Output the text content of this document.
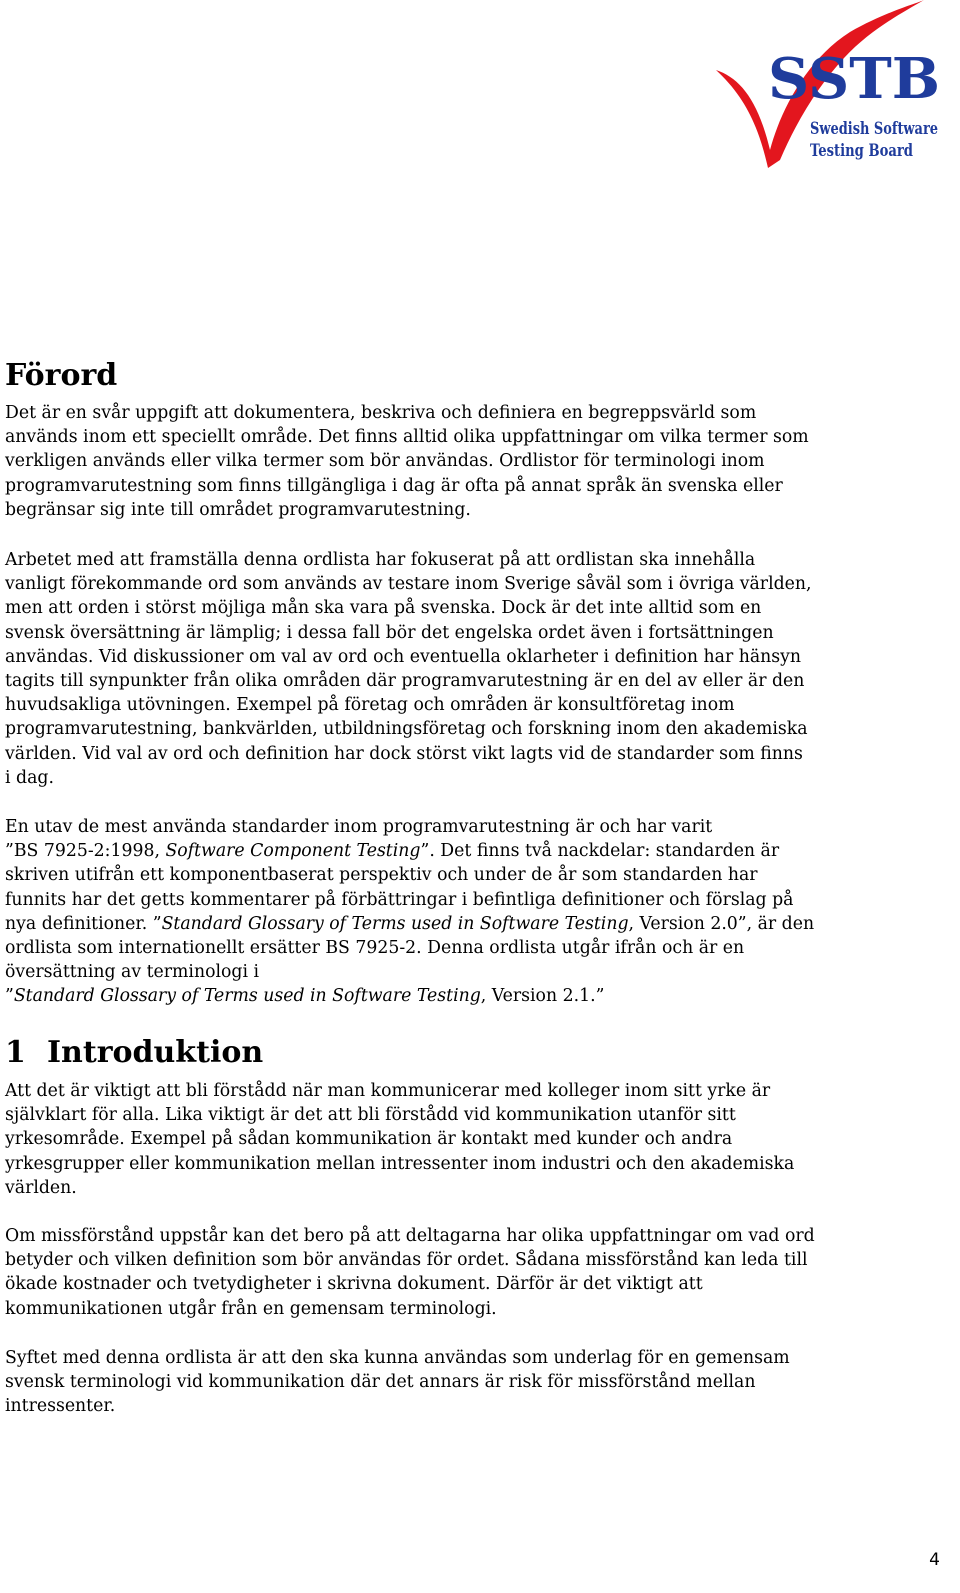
SSTB
Swedish Software
Testing Board
Förord

Det är en svår uppgift att dokumentera, beskriva och definiera en begreppsvärld som
används inom ett speciellt område. Det finns alltid olika uppfattningar om vilka termer som
verkligen används eller vilka termer som bör användas. Ordlistor för terminologi inom
programvarutestning som finns tillgängliga i dag är ofta på annat språk än svenska eller
begränsar sig inte till området programvarutestning.

Arbetet med att framställa denna ordlista har fokuserat på att ordlistan ska innehålla
vanligt förekommande ord som används av testare inom Sverige såväl som i övriga världen,
men att orden i störst möjliga mån ska vara på svenska. Dock är det inte alltid som en
svensk översättning är lämplig; i dessa fall bör det engelska ordet även i fortsättningen
användas. Vid diskussioner om val av ord och eventuella oklarheter i definition har hänsyn
tagits till synpunkter från olika områden där programvarutestning är en del av eller är den
huvudsakliga utövningen. Exempel på företag och områden är konsultföretag inom
programvarutestning, bankvärlden, utbildningsföretag och forskning inom den akademiska
världen. Vid val av ord och definition har dock störst vikt lagts vid de standarder som finns
i dag.

En utav de mest använda standarder inom programvarutestning är och har varit
”BS 7925-2:1998, Software Component Testing”. Det finns två nackdelar: standarden är
skriven utifrån ett komponentbaserat perspektiv och under de år som standarden har
funnits har det getts kommentarer på förbättringar i befintliga definitioner och förslag på
nya definitioner. ”Standard Glossary of Terms used in Software Testing, Version 2.0”, är den
ordlista som internationellt ersätter BS 7925-2. Denna ordlista utgår ifrån och är en
översättning av terminologi i
”Standard Glossary of Terms used in Software Testing, Version 2.1.”

1 Introduktion

Att det är viktigt att bli förstådd när man kommunicerar med kolleger inom sitt yrke är
självklart för alla. Lika viktigt är det att bli förstådd vid kommunikation utanför sitt
yrkesområde. Exempel på sådan kommunikation är kontakt med kunder och andra
yrkesgrupper eller kommunikation mellan intressenter inom industri och den akademiska
världen.

Om missförstånd uppstår kan det bero på att deltagarna har olika uppfattningar om vad ord
betyder och vilken definition som bör användas för ordet. Sådana missförstånd kan leda till
ökade kostnader och tvetydigheter i skrivna dokument. Därför är det viktigt att
kommunikationen utgår från en gemensam terminologi.

Syftet med denna ordlista är att den ska kunna användas som underlag för en gemensam
svensk terminologi vid kommunikation där det annars är risk för missförstånd mellan
intressenter.

4
